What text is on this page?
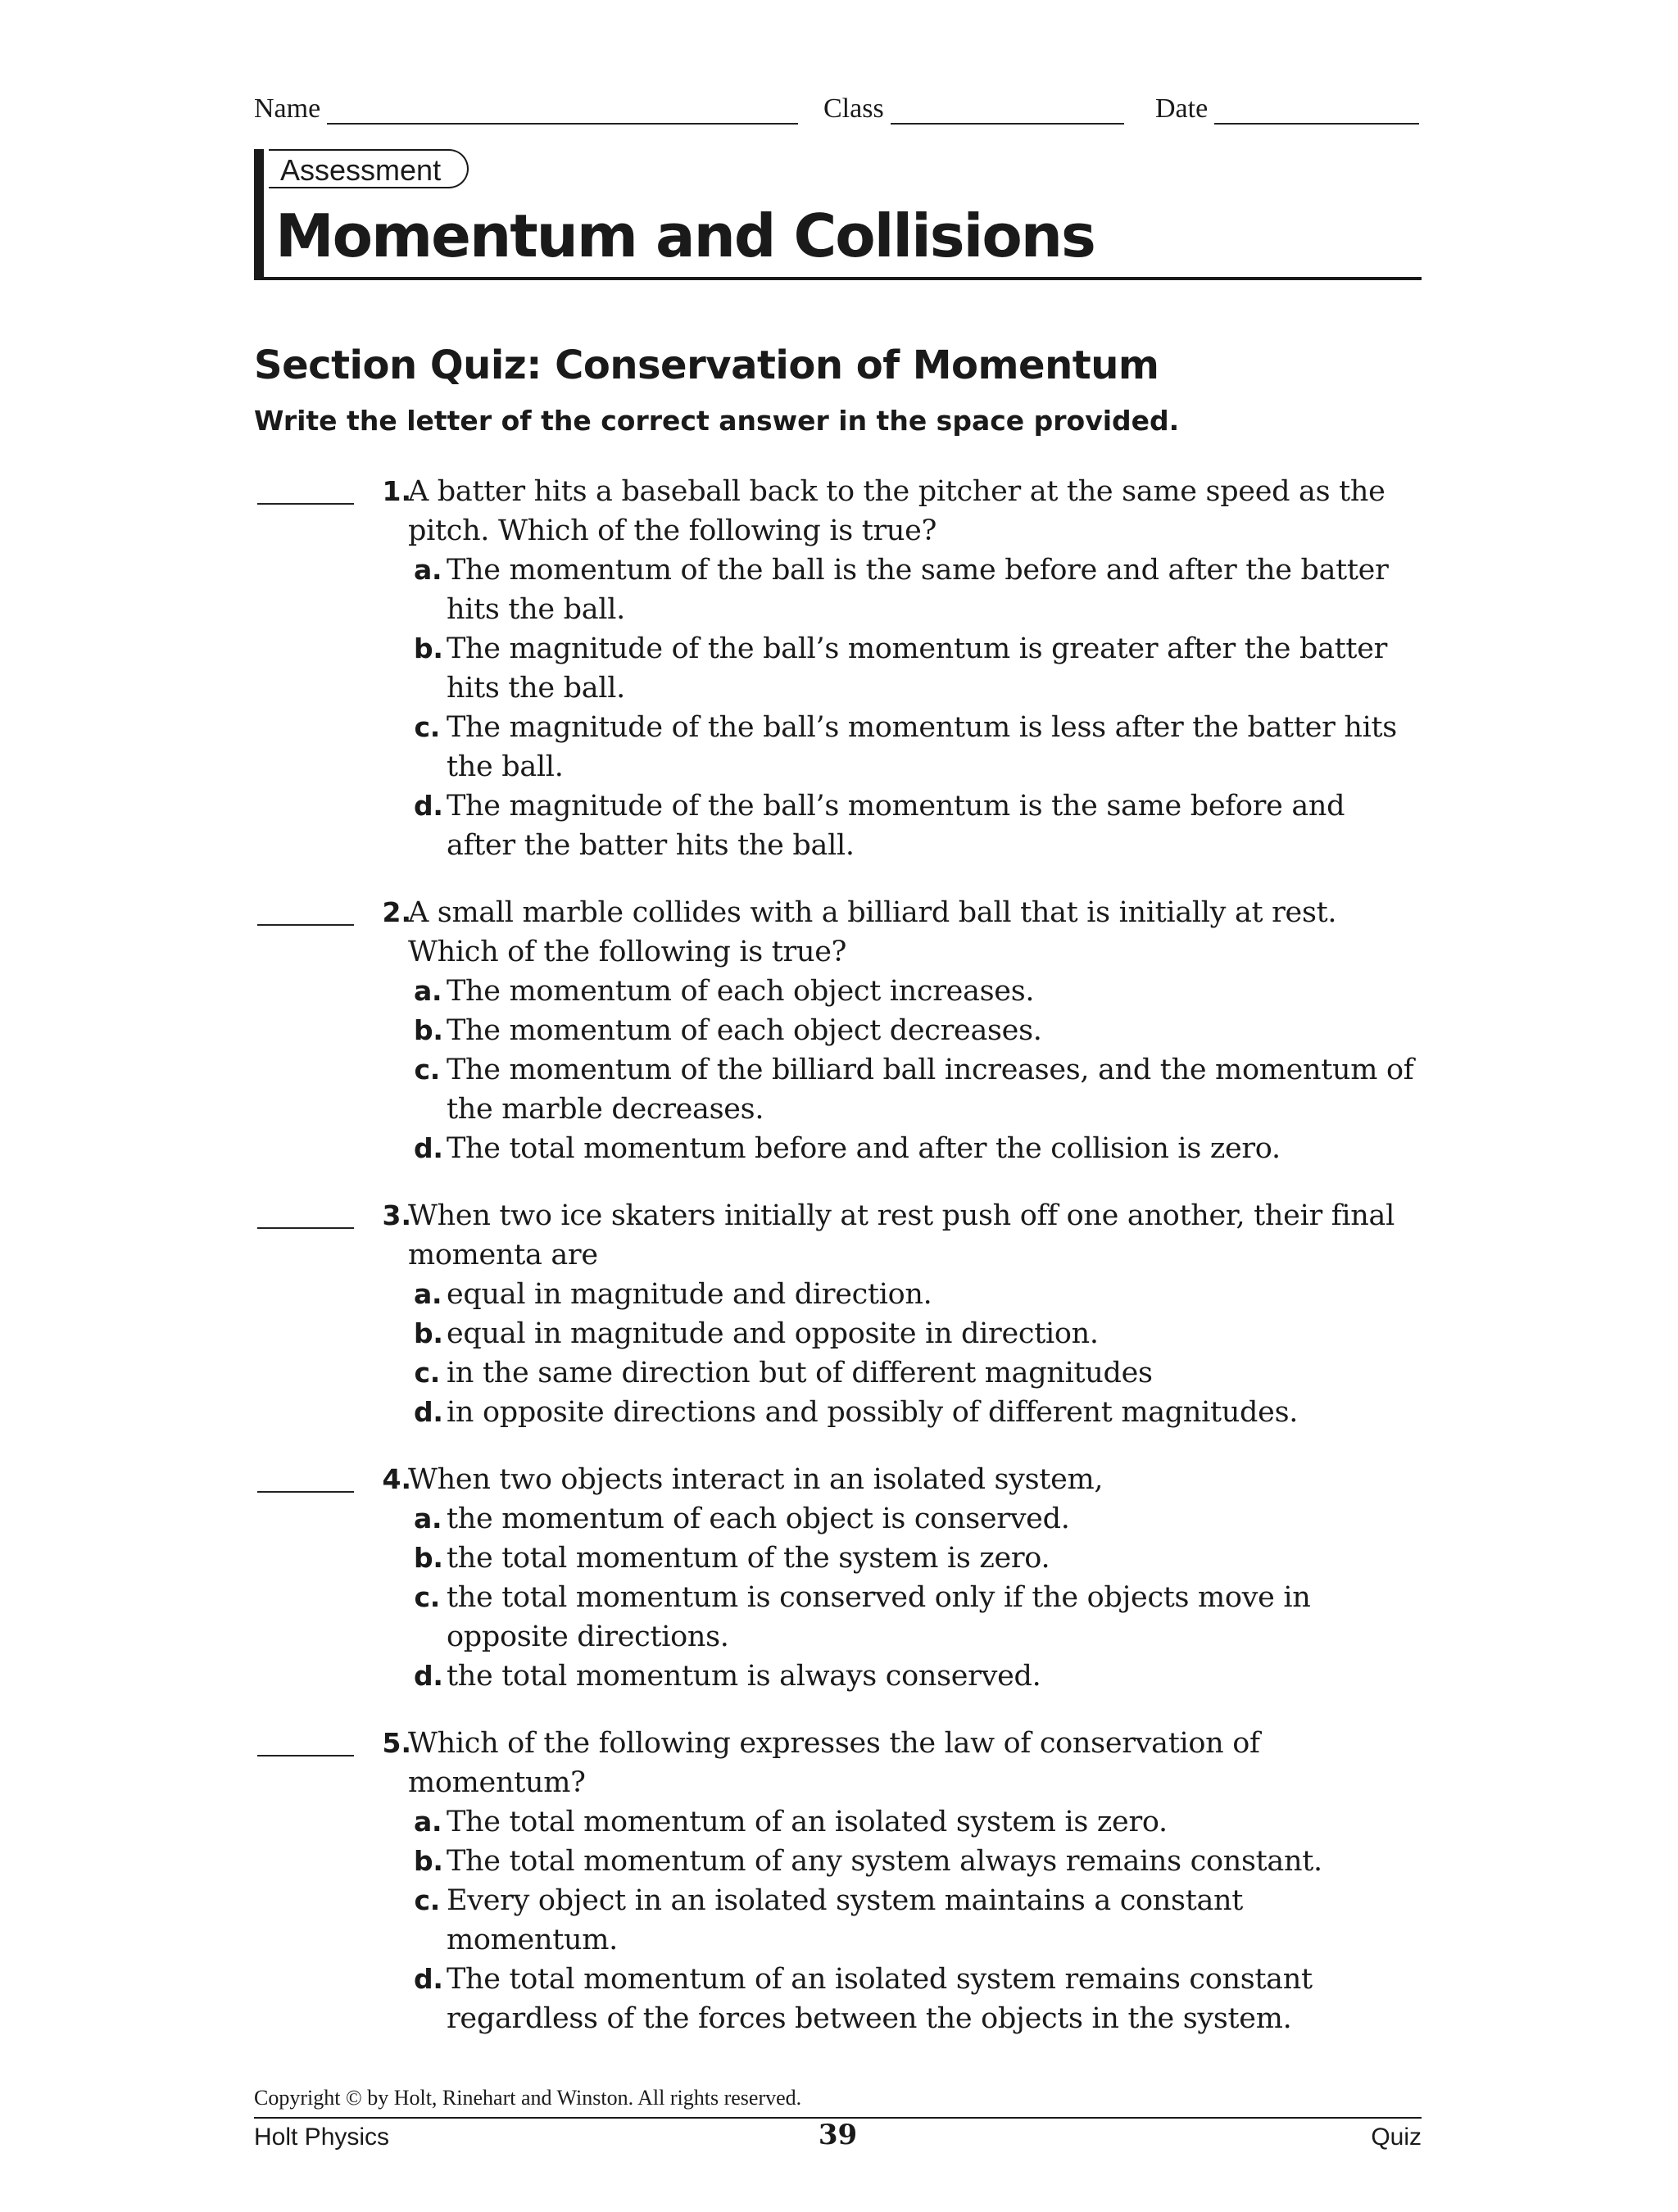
Name	Class	Date
Assessment
Momentum and Collisions
Section Quiz: Conservation of Momentum
Write the letter of the correct answer in the space provided.
1.
A batter hits a baseball back to the pitcher at the same speed as the pitch. Which of the following is true?
a. The momentum of the ball is the same before and after the batter hits the ball.
b. The magnitude of the ball’s momentum is greater after the batter hits the ball.
c. The magnitude of the ball’s momentum is less after the batter hits the ball.
d. The magnitude of the ball’s momentum is the same before and after the batter hits the ball.
2.
A small marble collides with a billiard ball that is initially at rest. Which of the following is true?
a. The momentum of each object increases.
b. The momentum of each object decreases.
c. The momentum of the billiard ball increases, and the momentum of the marble decreases.
d. The total momentum before and after the collision is zero.
3.
When two ice skaters initially at rest push off one another, their final momenta are
a. equal in magnitude and direction.
b. equal in magnitude and opposite in direction.
c. in the same direction but of different magnitudes
d. in opposite directions and possibly of different magnitudes.
4.
When two objects interact in an isolated system,
a. the momentum of each object is conserved.
b. the total momentum of the system is zero.
c. the total momentum is conserved only if the objects move in opposite directions.
d. the total momentum is always conserved.
5.
Which of the following expresses the law of conservation of momentum?
a. The total momentum of an isolated system is zero.
b. The total momentum of any system always remains constant.
c. Every object in an isolated system maintains a constant momentum.
d. The total momentum of an isolated system remains constant regardless of the forces between the objects in the system.
Copyright © by Holt, Rinehart and Winston. All rights reserved.
Holt Physics	39	Quiz
